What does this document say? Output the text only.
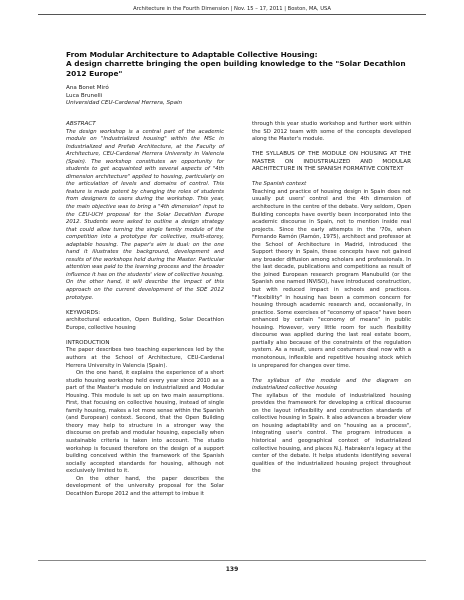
Architecture in the Fourth Dimension | Nov. 15 – 17, 2011 | Boston, MA, USA

From Modular Architecture to Adaptable Collective Housing:

A design charrette bringing the open building knowledge to the "Solar Decathlon 2012 Europe"

Ana Bonet Miró
Luca Brunelli
Universidad CEU-Cardenal Herrera, Spain

ABSTRACT

The design workshop is a central part of the academic module on "Industrialized housing" within the MSc in Industrialized and Prefab Architecture, at the Faculty of Architecture, CEU-Cardenal Herrera University in Valencia (Spain). The workshop constitutes an opportunity for students to get acquainted with several aspects of "4th dimension architecture" applied to housing, particularly on the articulation of levels and domains of control. This feature is made potent by changing the roles of students from designers to users during the workshop. This year, the main objective was to bring a "4th dimension" input to the CEU-UCH proposal for the Solar Decathlon Europe 2012. Students were asked to outline a design strategy that could allow turning the single family module of the competition into a prototype for collective, multi-storey, adaptable housing. The paper's aim is dual: on the one hand it illustrates the background, development and results of the workshops held during the Master. Particular attention was paid to the learning process and the broader influence it has on the students' view of collective housing. On the other hand, it will describe the impact of this approach on the current development of the SDE 2012 prototype.

KEYWORDS:

architectural education, Open Building, Solar Decathlon Europe, collective housing

INTRODUCTION

The paper describes two teaching experiences led by the authors at the School of Architecture, CEU-Cardenal Herrera University in Valencia (Spain).

On the one hand, it explains the experience of a short studio housing workshop held every year since 2010 as a part of the Master's module on Industrialized and Modular Housing. This module is set up on two main assumptions. First, that focusing on collective housing, instead of single family housing, makes a lot more sense within the Spanish (and European) context. Second, that the Open Building theory may help to structure in a stronger way the discourse on prefab and modular housing, especially when sustainable criteria is taken into account. The studio workshop is focused therefore on the design of a support building conceived within the framework of the Spanish socially accepted standards for housing, although not exclusively limited to it.

On the other hand, the paper describes the development of the university proposal for the Solar Decathlon Europe 2012 and the attempt to imbue it

through this year studio workshop and further work within the SD 2012 team with some of the concepts developed along the Master's module.

THE SYLLABUS OF THE MODULE ON HOUSING AT THE MASTER ON INDUSTRIALIZED AND MODULAR ARCHITECTURE IN THE SPANISH FORMATIVE CONTEXT

The Spanish context

Teaching and practice of housing design in Spain does not usually put users' control and the 4th dimension of architecture in the centre of the debate. Very seldom, Open Building concepts have overtly been incorporated into the academic discourse in Spain, not to mention inside real projects. Since the early attempts in the '70s, when Fernando Ramón (Ramón, 1975), architect and professor at the School of Architecture in Madrid, introduced the Support theory in Spain, these concepts have not gained any broader diffusion among scholars and professionals. In the last decade, publications and competitions as result of the joined European research program Manubuild (or the Spanish one named INVISO), have introduced construction, but with reduced impact in schools and practices. "Flexibility" in housing has been a common concern for housing through academic research and, occasionally, in practice. Some exercises of "economy of space" have been enhanced by certain "economy of means" in public housing. However, very little room for such flexibility discourse was applied during the last real estate boom, partially also because of the constraints of the regulation system. As a result, users and costumers deal now with a monotonous, inflexible and repetitive housing stock which is unprepared for changes over time.

The syllabus of the module and the diagram on industrialized collective housing

The syllabus of the module of industrialized housing provides the framework for developing a critical discourse on the layout inflexibility and construction standards of collective housing in Spain. It also advances a broader view on housing adaptability and on "housing as a process", integrating user's control. The program introduces a historical and geographical context of industrialized collective housing, and places N.J. Habraken's legacy at the center of the debate. It helps students identifying several qualities of the industrialized housing project throughout the

139
